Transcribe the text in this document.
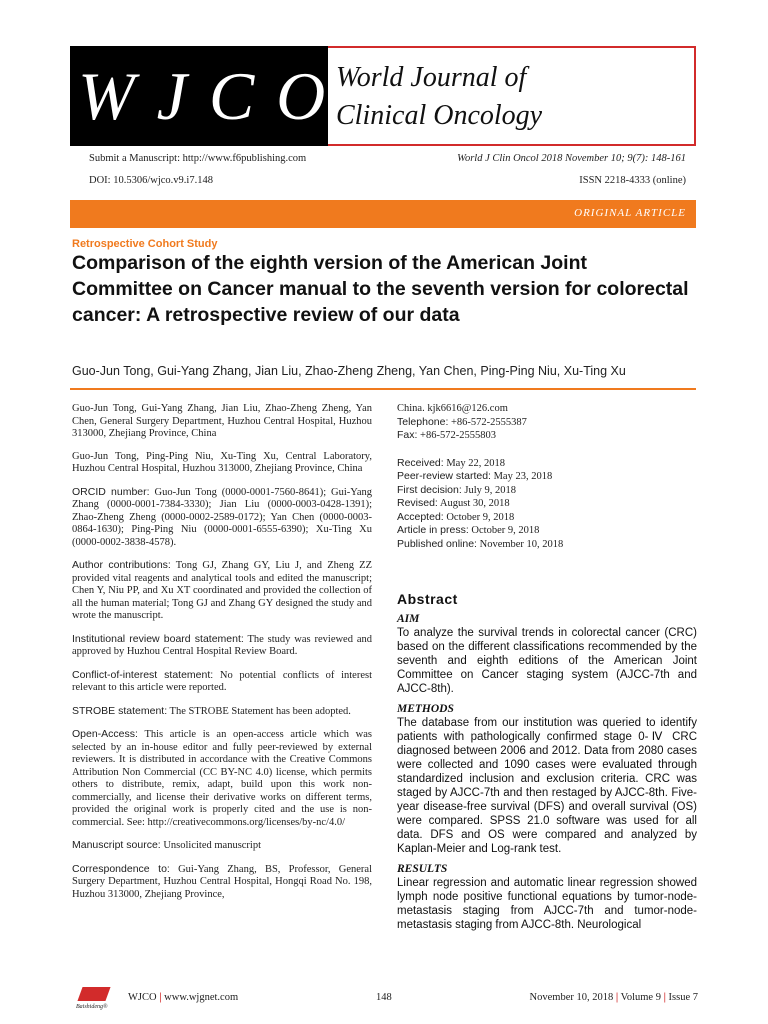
WJCO
World Journal of
Clinical Oncology
Submit a Manuscript: http://www.f6publishing.com	World J Clin Oncol 2018 November 10; 9(7): 148-161
DOI: 10.5306/wjco.v9.i7.148	ISSN 2218-4333 (online)
ORIGINAL ARTICLE
Retrospective Cohort Study
Comparison of the eighth version of the American Joint Committee on Cancer manual to the seventh version for colorectal cancer: A retrospective review of our data
Guo-Jun Tong, Gui-Yang Zhang, Jian Liu, Zhao-Zheng Zheng, Yan Chen, Ping-Ping Niu, Xu-Ting Xu

Guo-Jun Tong, Gui-Yang Zhang, Jian Liu, Zhao-Zheng Zheng, Yan Chen, General Surgery Department, Huzhou Central Hospital, Huzhou 313000, Zhejiang Province, China

Guo-Jun Tong, Ping-Ping Niu, Xu-Ting Xu, Central Laboratory, Huzhou Central Hospital, Huzhou 313000, Zhejiang Province, China

ORCID number: Guo-Jun Tong (0000-0001-7560-8641); Gui-Yang Zhang (0000-0001-7384-3330); Jian Liu (0000-0003-0428-1391); Zhao-Zheng Zheng (0000-0002-2589-0172); Yan Chen (0000-0003-0864-1630); Ping-Ping Niu (0000-0001-6555-6390); Xu-Ting Xu (0000-0002-3838-4578).

Author contributions: Tong GJ, Zhang GY, Liu J, and Zheng ZZ provided vital reagents and analytical tools and edited the manuscript; Chen Y, Niu PP, and Xu XT coordinated and provided the collection of all the human material; Tong GJ and Zhang GY designed the study and wrote the manuscript.

Institutional review board statement: The study was reviewed and approved by Huzhou Central Hospital Review Board.

Conflict-of-interest statement: No potential conflicts of interest relevant to this article were reported.

STROBE statement: The STROBE Statement has been adopted.

Open-Access: This article is an open-access article which was selected by an in-house editor and fully peer-reviewed by external reviewers. It is distributed in accordance with the Creative Commons Attribution Non Commercial (CC BY-NC 4.0) license, which permits others to distribute, remix, adapt, build upon this work non-commercially, and license their derivative works on different terms, provided the original work is properly cited and the use is non-commercial. See: http://creativecommons.org/licenses/by-nc/4.0/

Manuscript source: Unsolicited manuscript

Correspondence to: Gui-Yang Zhang, BS, Professor, General Surgery Department, Huzhou Central Hospital, Hongqi Road No. 198, Huzhou 313000, Zhejiang Province,

China. kjk6616@126.com
Telephone: +86-572-2555387
Fax: +86-572-2555803
Received: May 22, 2018
Peer-review started: May 23, 2018
First decision: July 9, 2018
Revised: August 30, 2018
Accepted: October 9, 2018
Article in press: October 9, 2018
Published online: November 10, 2018
Abstract
AIM

To analyze the survival trends in colorectal cancer (CRC) based on the different classifications recommended by the seventh and eighth editions of the American Joint Committee on Cancer staging system (AJCC-7th and AJCC-8th).

METHODS

The database from our institution was queried to identify patients with pathologically confirmed stage 0-Ⅳ CRC diagnosed between 2006 and 2012. Data from 2080 cases were collected and 1090 cases were evaluated through standardized inclusion and exclusion criteria. CRC was staged by AJCC-7th and then restaged by AJCC-8th. Five-year disease-free survival (DFS) and overall survival (OS) were compared. SPSS 21.0 software was used for all data. DFS and OS were compared and analyzed by Kaplan-Meier and Log-rank test.

RESULTS

Linear regression and automatic linear regression showed lymph node positive functional equations by tumor-node-metastasis staging from AJCC-7th and tumor-node-metastasis staging from AJCC-8th. Neurological

Baishideng®
WJCO | www.wjgnet.com	148	November 10, 2018 | Volume 9 | Issue 7
